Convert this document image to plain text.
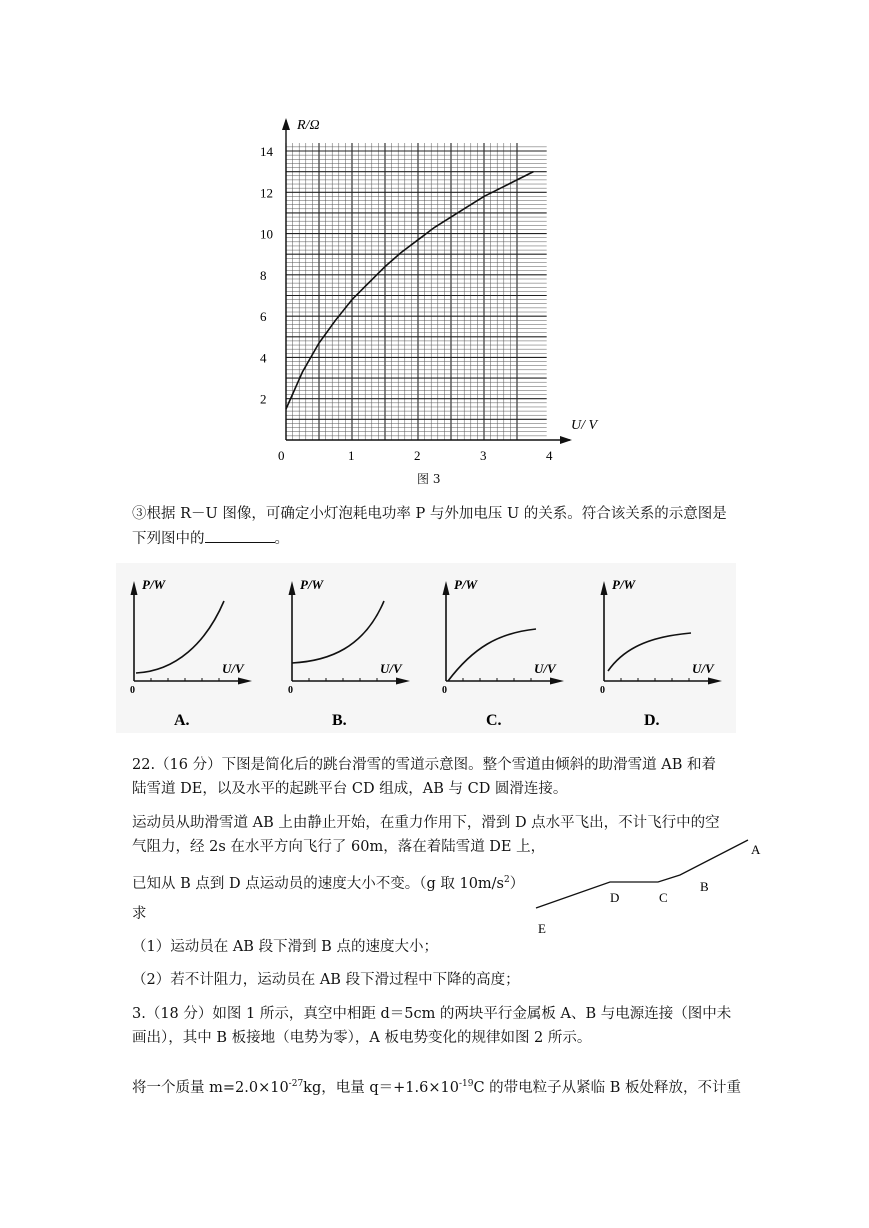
14
12
10
8
6
4
2
0	1	2	3	4
R/Ω
U/ V
图 3
③根据 R－U 图像，可确定小灯泡耗电功率 P 与外加电压 U 的关系。符合该关系的示意图是
下列图中的	。
P/W
U/V
0
A.
P/W
U/V
0
B.
P/W
U/V
0
C.
P/W
U/V
0
D.
22.（16 分）下图是简化后的跳台滑雪的雪道示意图。整个雪道由倾斜的助滑雪道 AB 和着
陆雪道 DE，以及水平的起跳平台 CD 组成，AB 与 CD 圆滑连接。
运动员从助滑雪道 AB 上由静止开始，在重力作用下，滑到 D 点水平飞出，不计飞行中的空
气阻力，经 2s 在水平方向飞行了 60m，落在着陆雪道 DE 上，
已知从 B 点到 D 点运动员的速度大小不变。（g 取 $10m/s^2$）
求
（1）运动员在 AB 段下滑到 B 点的速度大小；
（2）若不计阻力，运动员在 AB 段下滑过程中下降的高度；
A
B
C
D
E
3.（18 分）如图 1 所示，真空中相距 d＝5cm 的两块平行金属板 A、B 与电源连接（图中未
画出），其中 B 板接地（电势为零），A 板电势变化的规律如图 2 所示。
将一个质量 $m=2.0\times 10^{-27}kg$，电量 $q=+1.6\times 10^{-19}C$ 的带电粒子从紧临 B 板处释放，不计重
